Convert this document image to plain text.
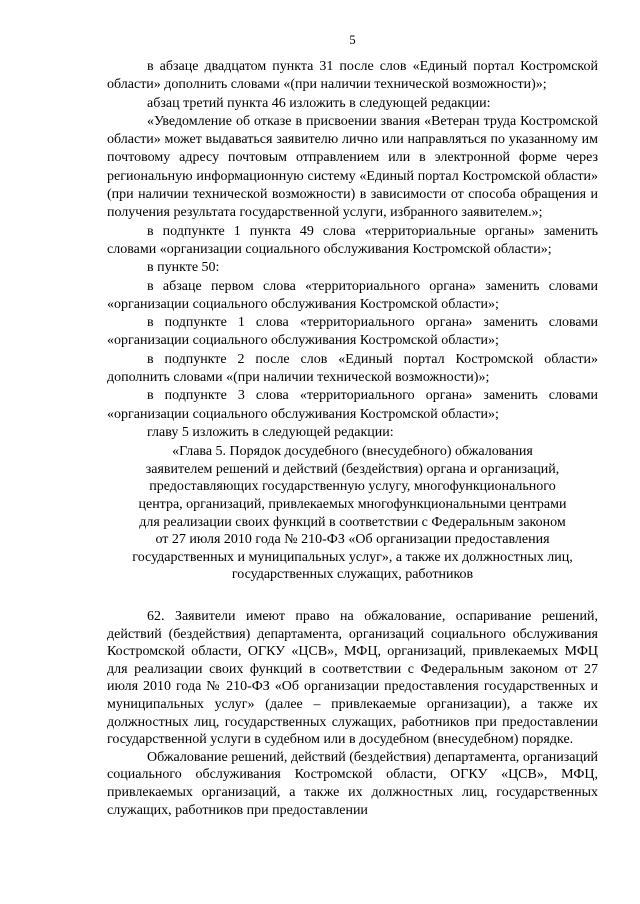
5

в абзаце двадцатом пункта 31 после слов «Единый портал Костромской области» дополнить словами «(при наличии технической возможности)»;

абзац третий пункта 46 изложить в следующей редакции:

«Уведомление об отказе в присвоении звания «Ветеран труда Костромской области» может выдаваться заявителю лично или направляться по указанному им почтовому адресу почтовым отправлением или в электронной форме через региональную информационную систему «Единый портал Костромской области» (при наличии технической возможности) в зависимости от способа обращения и получения результата государственной услуги, избранного заявителем.»;

в подпункте 1 пункта 49 слова «территориальные органы» заменить словами «организации социального обслуживания Костромской области»;

в пункте 50:

в абзаце первом слова «территориального органа» заменить словами «организации социального обслуживания Костромской области»;

в подпункте 1 слова «территориального органа» заменить словами «организации социального обслуживания Костромской области»;

в подпункте 2 после слов «Единый портал Костромской области» дополнить словами «(при наличии технической возможности)»;

в подпункте 3 слова «территориального органа» заменить словами «организации социального обслуживания Костромской области»;

главу 5 изложить в следующей редакции:

«Глава 5. Порядок досудебного (внесудебного) обжалования
заявителем решений и действий (бездействия) органа и организаций,
предоставляющих государственную услугу, многофункционального
центра, организаций, привлекаемых многофункциональными центрами
для реализации своих функций в соответствии с Федеральным законом
от 27 июля 2010 года № 210-ФЗ «Об организации предоставления
государственных и муниципальных услуг», а также их должностных лиц,
государственных служащих, работников

62. Заявители имеют право на обжалование, оспаривание решений, действий (бездействия) департамента, организаций социального обслуживания Костромской области, ОГКУ «ЦСВ», МФЦ, организаций, привлекаемых МФЦ для реализации своих функций в соответствии с Федеральным законом от 27 июля 2010 года № 210-ФЗ «Об организации предоставления государственных и муниципальных услуг» (далее – привлекаемые организации), а также их должностных лиц, государственных служащих, работников при предоставлении государственной услуги в судебном или в досудебном (внесудебном) порядке.

Обжалование решений, действий (бездействия) департамента, организаций социального обслуживания Костромской области, ОГКУ «ЦСВ», МФЦ, привлекаемых организаций, а также их должностных лиц, государственных служащих, работников при предоставлении
